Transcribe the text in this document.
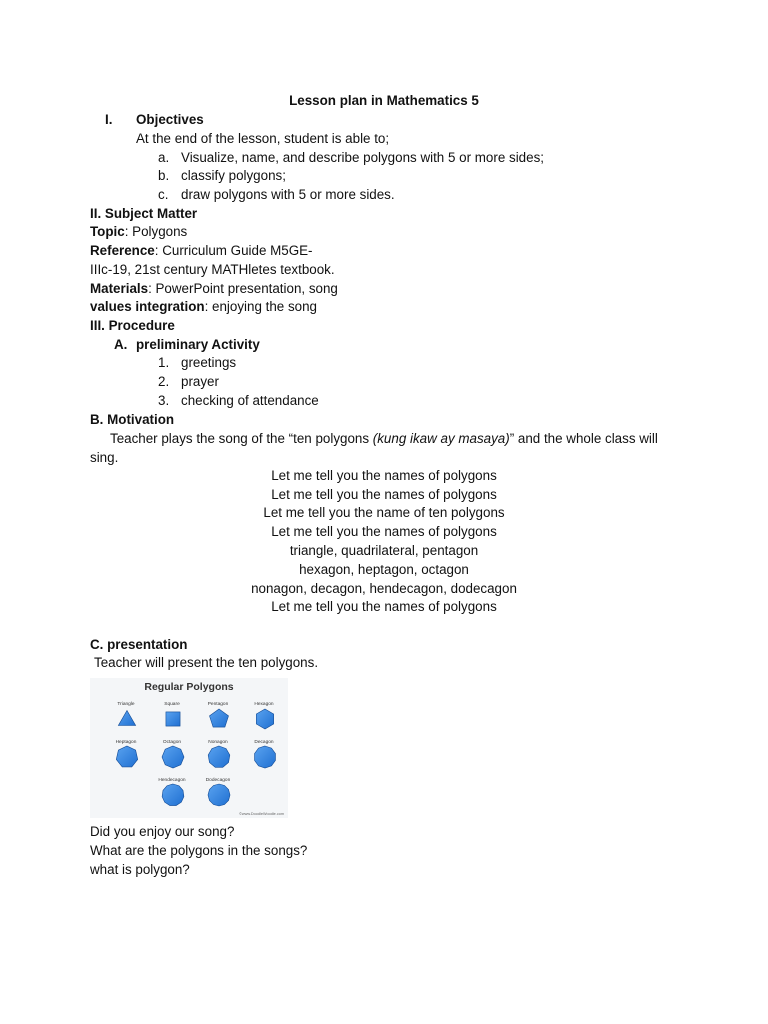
Lesson plan in Mathematics 5
I. Objectives
At the end of the lesson, student is able to;
a. Visualize, name, and describe polygons with 5 or more sides;
b. classify polygons;
c. draw polygons with 5 or more sides.
II. Subject Matter
Topic: Polygons
Reference: Curriculum Guide M5GE-
IIIc-19, 21st century MATHletes textbook.
Materials: PowerPoint presentation, song
values integration: enjoying the song
III. Procedure
A. preliminary Activity
1. greetings
2. prayer
3. checking of attendance
B. Motivation
Teacher plays the song of the “ten polygons (kung ikaw ay masaya)” and the whole class will
sing.
Let me tell you the names of polygons
Let me tell you the names of polygons
Let me tell you the name of ten polygons
Let me tell you the names of polygons
triangle, quadrilateral, pentagon
hexagon, heptagon, octagon
nonagon, decagon, hendecagon, dodecagon
Let me tell you the names of polygons
C. presentation
Teacher will present the ten polygons.
Regular Polygons
Triangle	Square	Pentagon	Hexagon
Heptagon	Octagon	Nonagon	Decagon
Hendecagon	Dodecagon
©www.DoodleWoodle.com
Did you enjoy our song?
What are the polygons in the songs?
what is polygon?
